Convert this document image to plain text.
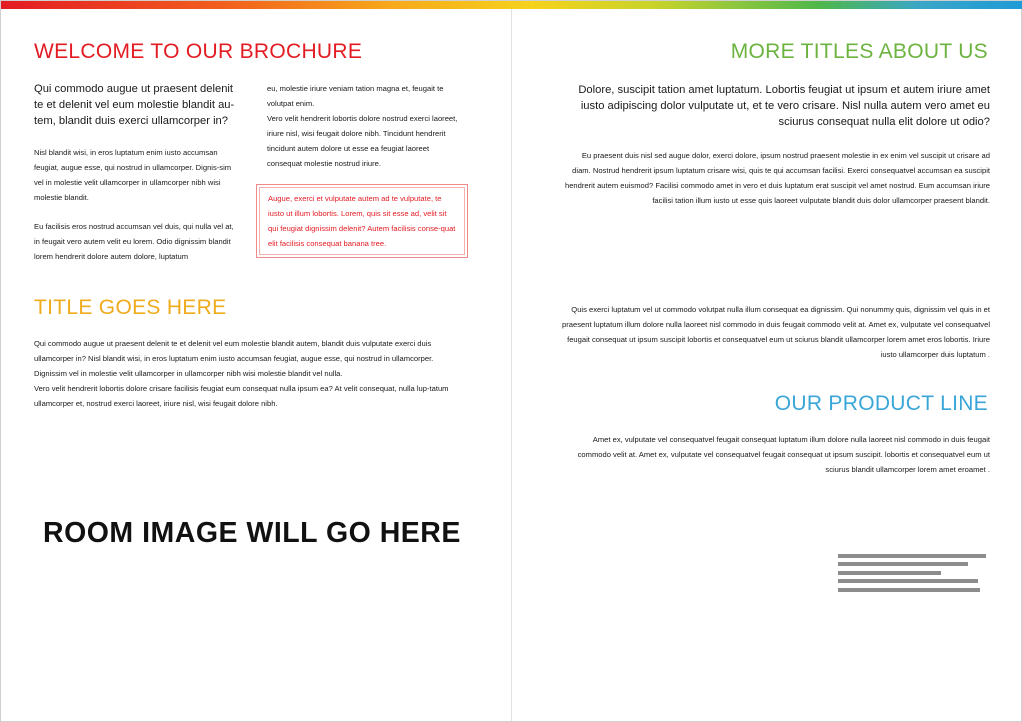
WELCOME TO OUR BROCHURE
Qui commodo augue ut praesent delenit te et delenit vel eum molestie blandit au-tem, blandit duis exerci ullamcorper in?

Nisl blandit wisi, in eros luptatum enim iusto accumsan feugiat, augue esse, qui nostrud in ullamcorper. Dignis-sim vel in molestie velit ullamcorper in ullamcorper nibh wisi molestie blandit.

Eu facilisis eros nostrud accumsan vel duis, qui nulla vel at, in feugait vero autem velit eu lorem. Odio dignissim blandit lorem hendrerit dolore autem dolore, luptatum

eu, molestie iriure veniam tation magna et, feugait te volutpat enim.
Vero velit hendrerit lobortis dolore nostrud exerci laoreet, iriure nisl, wisi feugait dolore nibh. Tincidunt hendrerit tincidunt autem dolore ut esse ea feugiat laoreet consequat molestie nostrud iriure.
Augue, exerci et vulputate autem ad te vulputate, te iusto ut illum lobortis. Lorem, quis sit esse ad, velit sit qui feugiat dignissim delenit? Autem facilisis conse-quat elit facilisis consequat banana tree.
TITLE GOES HERE
Qui commodo augue ut praesent delenit te et delenit vel eum molestie blandit autem, blandit duis vulputate exerci duis ullamcorper in? Nisl blandit wisi, in eros luptatum enim iusto accumsan feugiat, augue esse, qui nostrud in ullamcorper. Dignissim vel in molestie velit ullamcorper in ullamcorper nibh wisi molestie blandit vel nulla.
Vero velit hendrerit lobortis dolore crisare facilisis feugiat eum consequat nulla ipsum ea? At velit consequat, nulla lup-tatum ullamcorper et, nostrud exerci laoreet, iriure nisl, wisi feugait dolore nibh.
ROOM IMAGE WILL GO HERE
MORE TITLES ABOUT US
Dolore, suscipit tation amet luptatum. Lobortis feugiat ut ipsum et autem iriure amet iusto adipiscing dolor vulputate ut, et te vero crisare. Nisl nulla autem vero amet eu sciurus consequat nulla elit dolore ut odio?
Eu praesent duis nisl sed augue dolor, exerci dolore, ipsum nostrud praesent molestie in ex enim vel suscipit ut crisare ad diam. Nostrud hendrerit ipsum luptatum crisare wisi, quis te qui accumsan facilisi. Exerci consequatvel accumsan ea suscipit hendrerit autem euismod? Facilisi commodo amet in vero et duis luptatum erat suscipit vel amet nostrud. Eum accumsan iriure facilisi tation illum iusto ut esse quis laoreet vulputate blandit duis dolor ullamcorper praesent blandit.
Quis exerci luptatum vel ut commodo volutpat nulla illum consequat ea dignissim. Qui nonummy quis, dignissim vel quis in et praesent luptatum illum dolore nulla laoreet nisl commodo in duis feugait commodo velit at. Amet ex, vulputate vel consequatvel feugait consequat ut ipsum suscipit lobortis et consequatvel eum ut sciurus blandit ullamcorper lorem amet eros lobortis. Iriure iusto ullamcorper duis luptatum .
OUR PRODUCT LINE
Amet ex, vulputate vel consequatvel feugait consequat luptatum illum dolore nulla laoreet nisl commodo in duis feugait commodo velit at. Amet ex, vulputate vel consequatvel feugait consequat ut ipsum suscipit. lobortis et consequatvel eum ut sciurus blandit ullamcorper lorem amet eroamet .
